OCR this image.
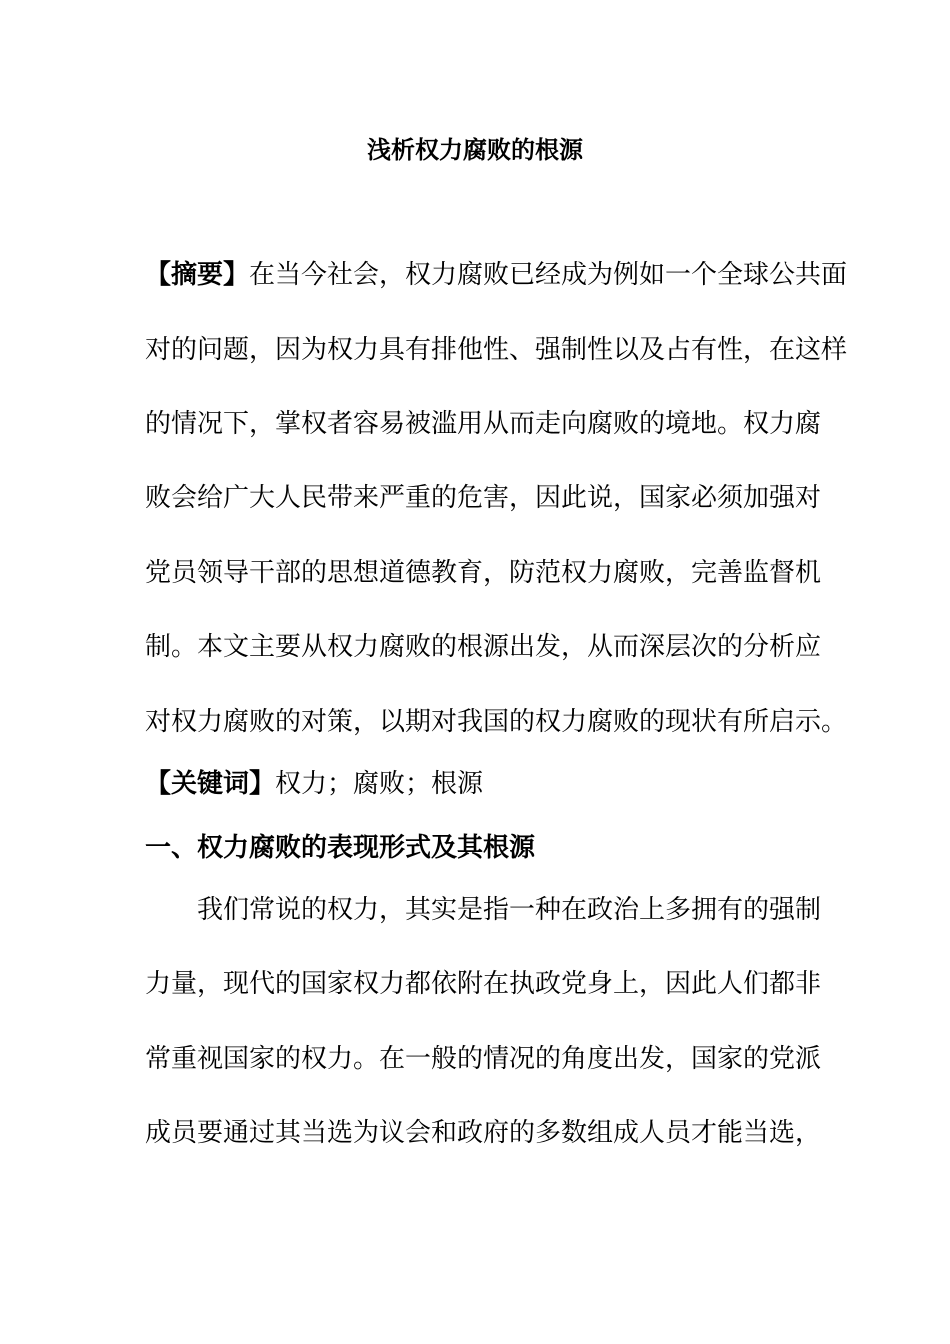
浅析权力腐败的根源
【摘要】在当今社会，权力腐败已经成为例如一个全球公共面
对的问题，因为权力具有排他性、强制性以及占有性，在这样
的情况下，掌权者容易被滥用从而走向腐败的境地。权力腐
败会给广大人民带来严重的危害，因此说，国家必须加强对
党员领导干部的思想道德教育，防范权力腐败，完善监督机
制。本文主要从权力腐败的根源出发，从而深层次的分析应
对权力腐败的对策，以期对我国的权力腐败的现状有所启示。
【关键词】权力；腐败；根源
一、权力腐败的表现形式及其根源
我们常说的权力，其实是指一种在政治上多拥有的强制
力量，现代的国家权力都依附在执政党身上，因此人们都非
常重视国家的权力。在一般的情况的角度出发，国家的党派
成员要通过其当选为议会和政府的多数组成人员才能当选，
